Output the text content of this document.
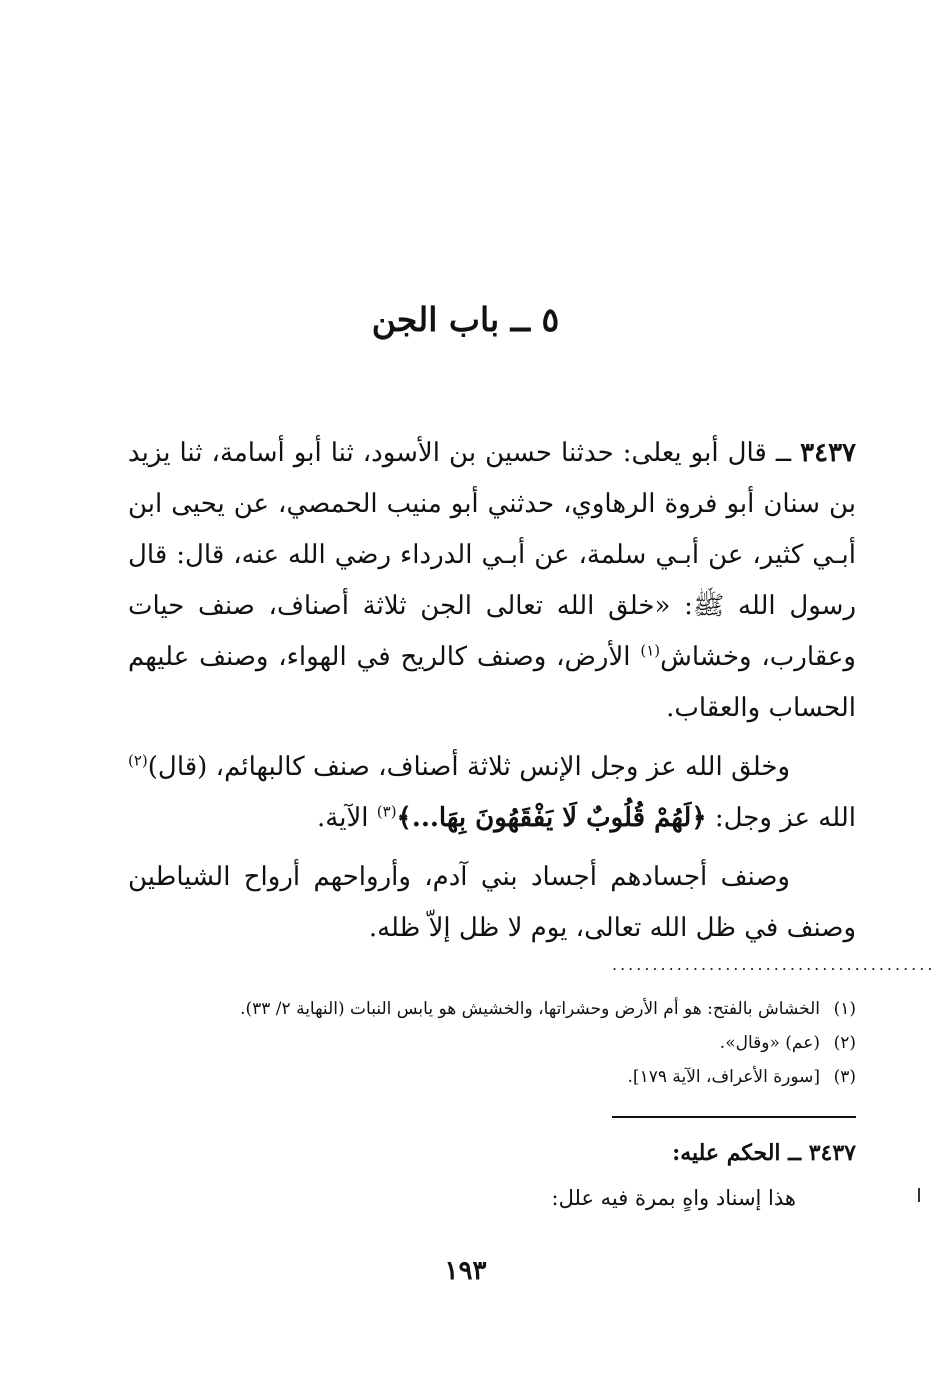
٥ ــ باب الجن

٣٤٣٧ ــ قال أبو يعلى: حدثنا حسين بن الأسود، ثنا أبو أسامة، ثنا يزيد بن سنان أبو فروة الرهاوي، حدثني أبو منيب الحمصي، عن يحيى ابن أبـي كثير، عن أبـي سلمة، عن أبـي الدرداء رضي الله عنه، قال: قال رسول الله ﷺ: «خلق الله تعالى الجن ثلاثة أصناف، صنف حيات وعقارب، وخشاش$^{(١)}$ الأرض، وصنف كالريح في الهواء، وصنف عليهم الحساب والعقاب.

وخلق الله عز وجل الإنس ثلاثة أصناف، صنف كالبهائم، (قال)$^{(٢)}$ الله عز وجل: ﴿لَهُمْ قُلُوبٌ لَا يَفْقَهُونَ بِهَا...﴾$^{(٣)}$ الآية.

وصنف أجسادهم أجساد بني آدم، وأرواحهم أرواح الشياطين وصنف في ظل الله تعالى، يوم لا ظل إلاّ ظله.

........................................
(١)الخشاش بالفتح: هو أم الأرض وحشراتها، والخشيش هو يابس النبات (النهاية ٢/ ٣٣).
(٢)(عم) «وقال».
(٣)[سورة الأعراف، الآية ١٧٩].
٣٤٣٧ ــ الحكم عليه:
هذا إسناد واهٍ بمرة فيه علل:
١٩٣
